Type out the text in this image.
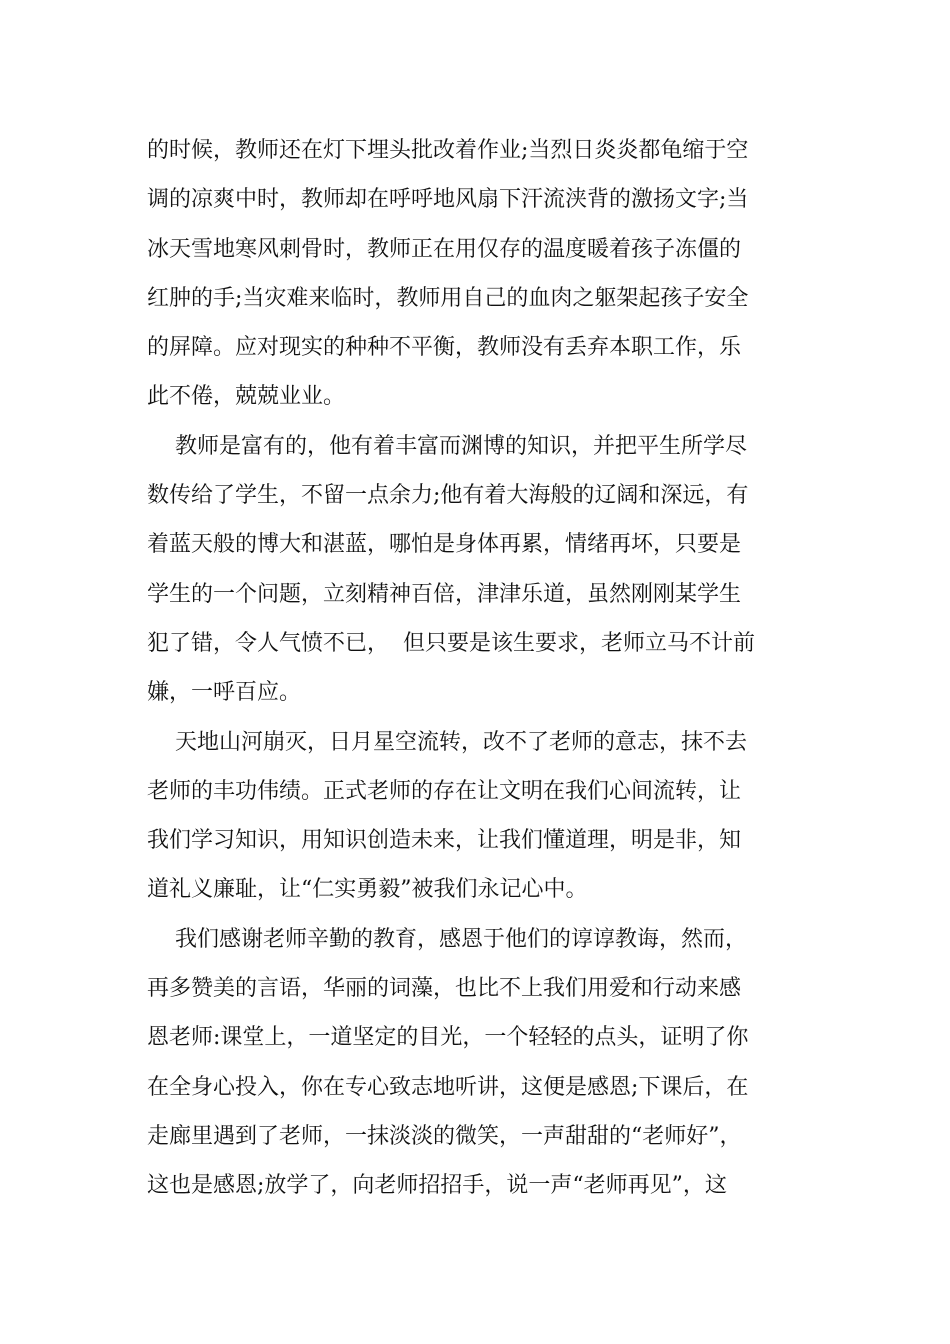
的时候，教师还在灯下埋头批改着作业;当烈日炎炎都龟缩于空
调的凉爽中时，教师却在呼呼地风扇下汗流浃背的激扬文字;当
冰天雪地寒风刺骨时，教师正在用仅存的温度暖着孩子冻僵的
红肿的手;当灾难来临时，教师用自己的血肉之躯架起孩子安全
的屏障。应对现实的种种不平衡，教师没有丢弃本职工作，乐
此不倦，兢兢业业。
教师是富有的，他有着丰富而渊博的知识，并把平生所学尽
数传给了学生，不留一点余力;他有着大海般的辽阔和深远，有
着蓝天般的博大和湛蓝，哪怕是身体再累，情绪再坏，只要是
学生的一个问题，立刻精神百倍，津津乐道，虽然刚刚某学生
犯了错，令人气愤不已，  但只要是该生要求，老师立马不计前
嫌，一呼百应。
天地山河崩灭，日月星空流转，改不了老师的意志，抹不去
老师的丰功伟绩。正式老师的存在让文明在我们心间流转，让
我们学习知识，用知识创造未来，让我们懂道理，明是非，知
道礼义廉耻，让“仁实勇毅”被我们永记心中。
我们感谢老师辛勤的教育，感恩于他们的谆谆教诲，然而，
再多赞美的言语，华丽的词藻，也比不上我们用爱和行动来感
恩老师:课堂上，一道坚定的目光，一个轻轻的点头，证明了你
在全身心投入，你在专心致志地听讲，这便是感恩;下课后，在
走廊里遇到了老师，一抹淡淡的微笑，一声甜甜的“老师好”，
这也是感恩;放学了，向老师招招手，说一声“老师再见”，这
